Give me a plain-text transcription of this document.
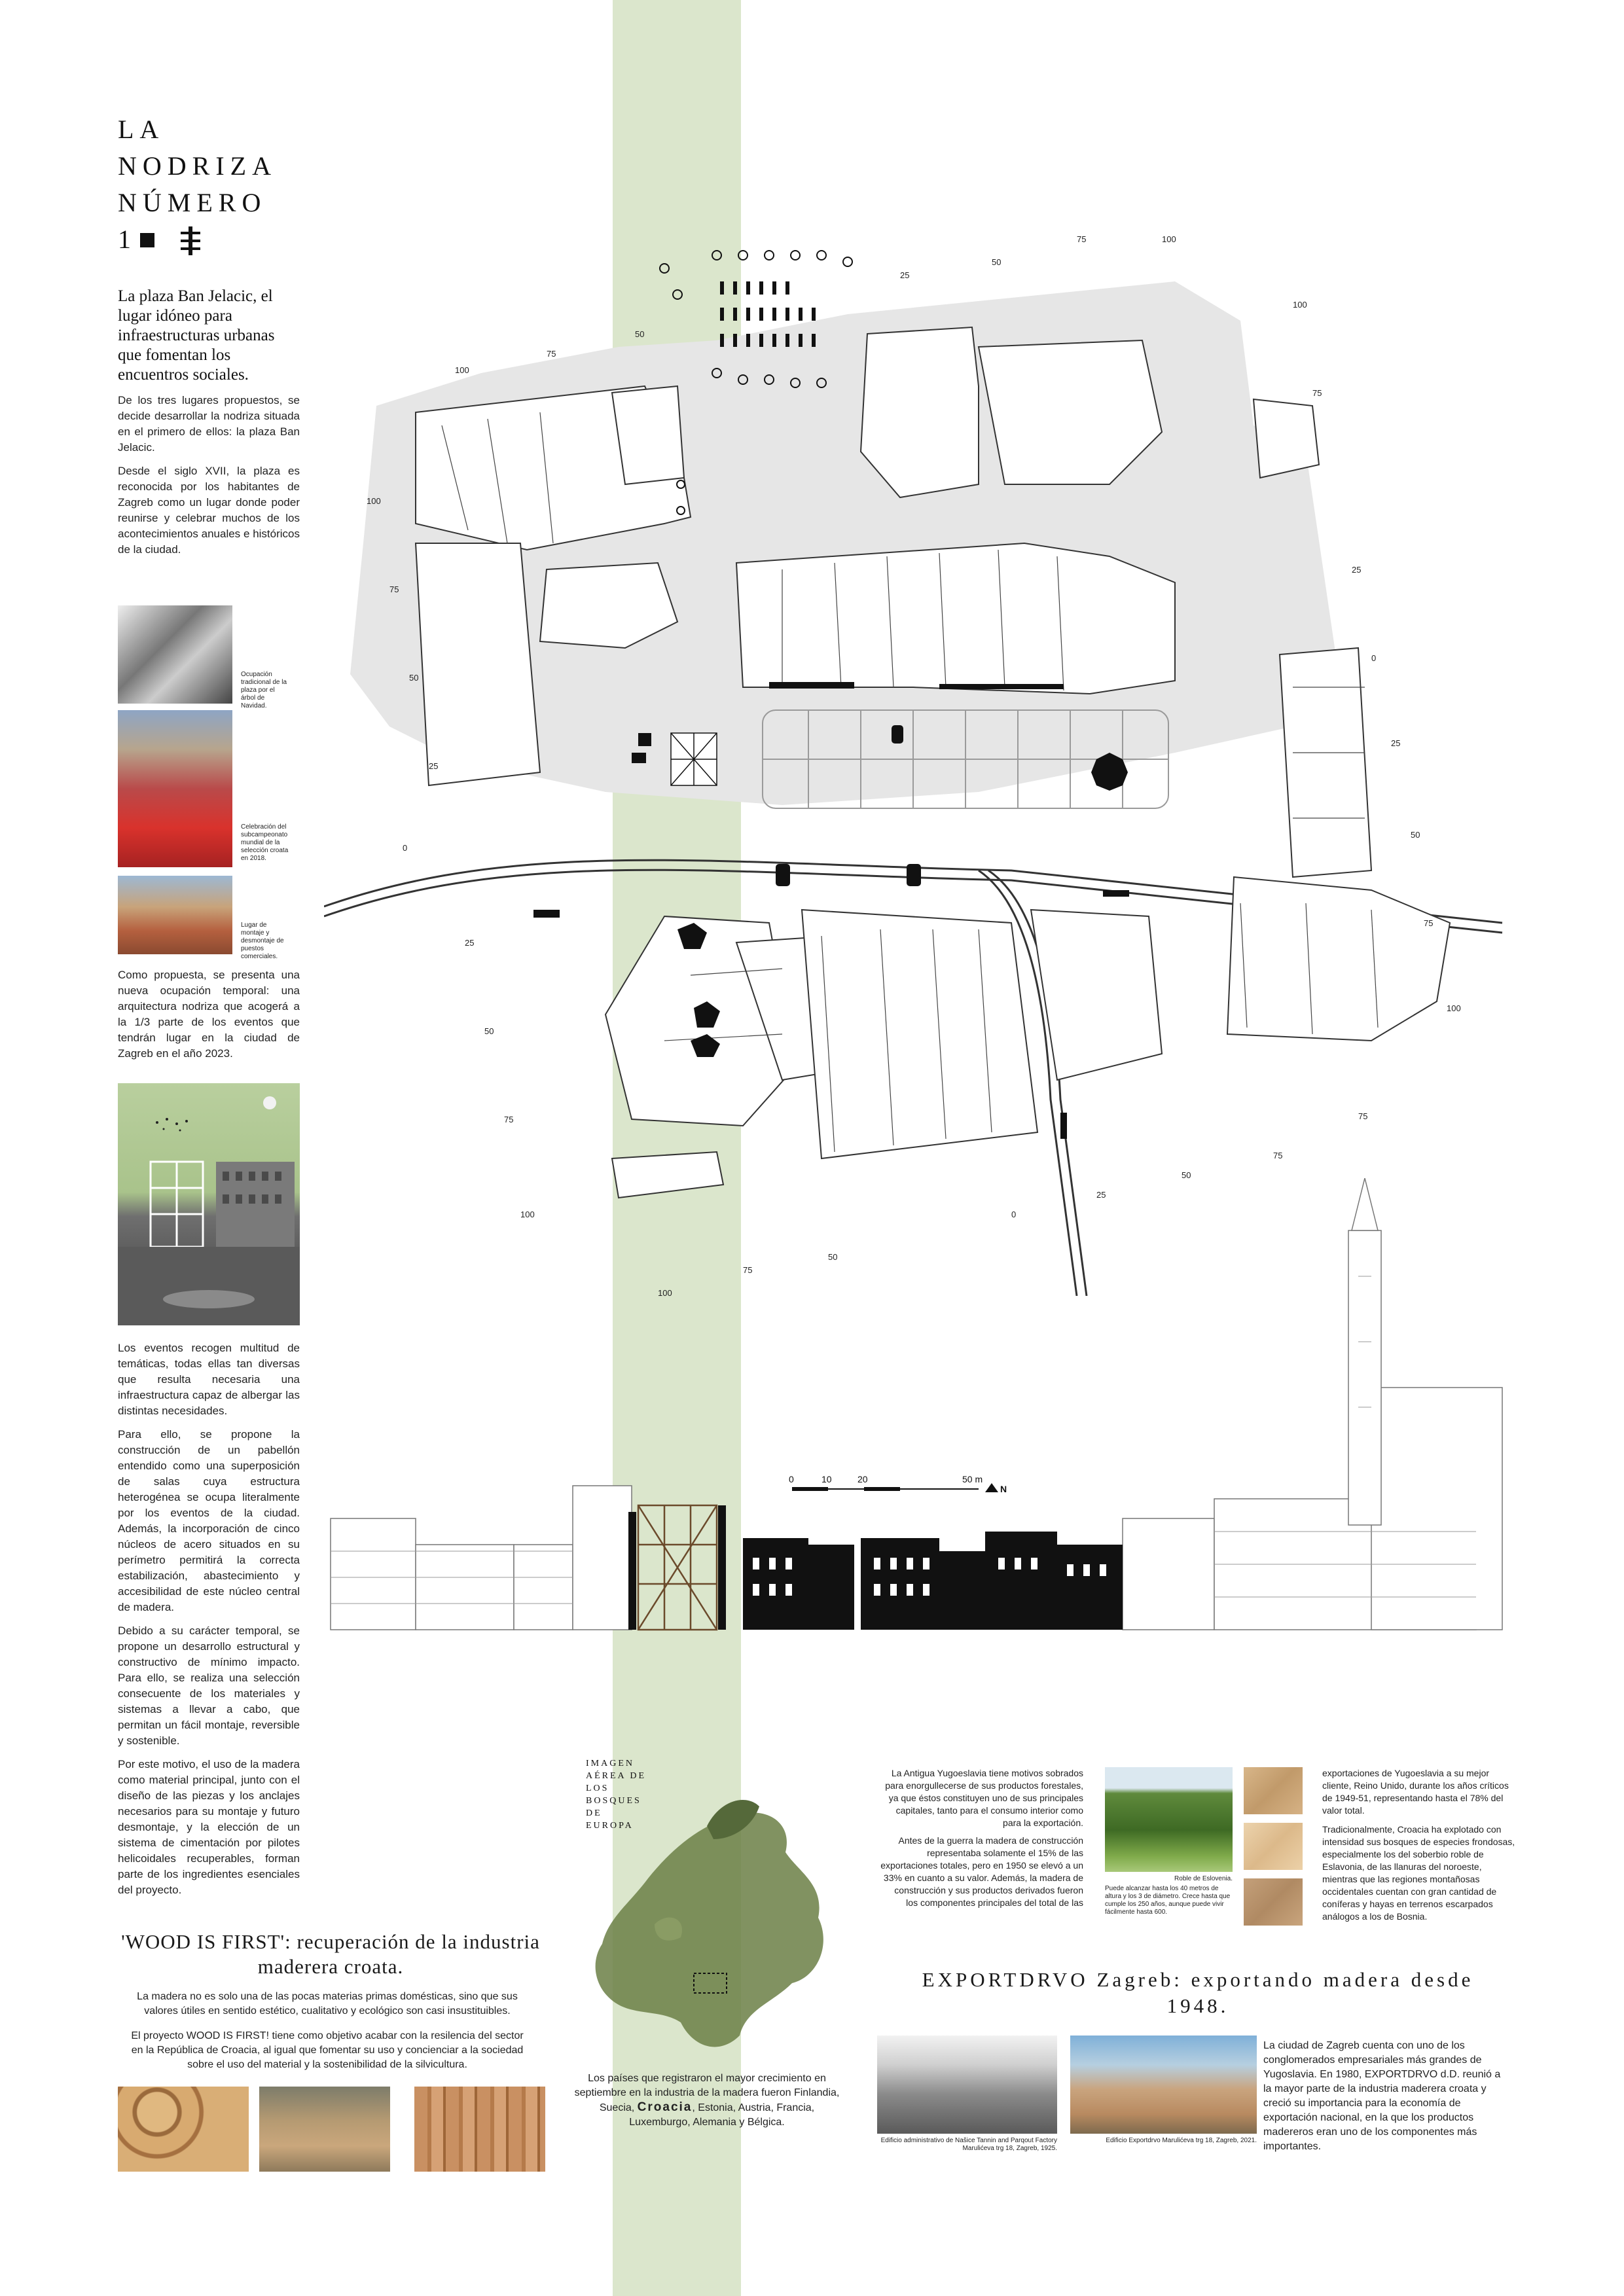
LA
NODRIZA
NÚMERO
1
La plaza Ban Jelacic, el lugar idóneo para infraestructuras urbanas que fomentan los encuentros sociales.

De los tres lugares propuestos, se decide desarrollar la nodriza situada en el primero de ellos: la plaza Ban Jelacic.

Desde el siglo XVII, la plaza es reconocida por los habitantes de Zagreb como un lugar donde poder reunirse y celebrar muchos de los acontecimientos anuales e históricos de la ciudad.

Ocupación tradicional de la plaza por el árbol de Navidad.
Celebración del subcampeonato mundial de la selección croata en 2018.
Lugar de montaje y desmontaje de puestos comerciales.
Como propuesta, se presenta una nueva ocupación temporal: una arquitectura nodriza que acogerá a la 1/3 parte de los eventos que tendrán lugar en la ciudad de Zagreb en el año 2023.

Los eventos recogen multitud de temáticas, todas ellas tan diversas que resulta necesaria una infraestructura capaz de albergar las distintas necesidades.

Para ello, se propone la construcción de un pabellón entendido como una superposición de salas cuya estructura heterogénea se ocupa literalmente por los eventos de la ciudad. Además, la incorporación de cinco núcleos de acero situados en su perímetro permitirá la correcta estabilización, abastecimiento y accesibilidad de este núcleo central de madera.

Debido a su carácter temporal, se propone un desarrollo estructural y constructivo de mínimo impacto. Para ello, se realiza una selección consecuente de los materiales y sistemas a llevar a cabo, que permitan un fácil montaje, reversible y sostenible.

Por este motivo, el uso de la madera como material principal, junto con el diseño de las piezas y los anclajes necesarios para su montaje y futuro desmontaje, y la elección de un sistema de cimentación por pilotes helicoidales recuperables, forman parte de los ingredientes esenciales del proyecto.

100
75
50
100
75
50
25
100
75
25
0
25
50
75
100
75
75
50
25
0
50
75
100
100
75
50
25
0
25
50
75
100
0	10	20	50 m
N
'WOOD IS FIRST': recuperación de la industria maderera croata.
La madera no es solo una de las pocas materias primas domésticas, sino que sus valores útiles en sentido estético, cualitativo y ecológico son casi insustituibles.
El proyecto WOOD IS FIRST! tiene como objetivo acabar con la resilencia del sector en la República de Croacia, al igual que fomentar su uso y concienciar a la sociedad sobre el uso del material y la sostenibilidad de la silvicultura.
IMAGEN
AÉREA DE
LOS
BOSQUES
DE
EUROPA
Los países que registraron el mayor crecimiento en septiembre en la industria de la madera fueron Finlandia, Suecia, Croacia, Estonia, Austria, Francia, Luxemburgo, Alemania y Bélgica.

La Antigua Yugoeslavia tiene motivos sobrados para enorgullecerse de sus productos forestales, ya que éstos constituyen uno de sus principales capitales, tanto para el consumo interior como para la exportación.

Antes de la guerra la madera de construcción representaba solamente el 15% de las exportaciones totales, pero en 1950 se elevó a un 33% en cuanto a su valor. Además, la madera de construcción y sus productos derivados fueron los componentes principales del total de las

Roble de Eslovenia.
Puede alcanzar hasta los 40 metros de altura y los 3 de diámetro. Crece hasta que cumple los 250 años, aunque puede vivir fácilmente hasta 600.

exportaciones de Yugoeslavia a su mejor cliente, Reino Unido, durante los años críticos de 1949-51, representando hasta el 78% del valor total.

Tradicionalmente, Croacia ha explotado con intensidad sus bosques de especies frondosas, especialmente los del soberbio roble de Eslavonia, de las llanuras del noroeste, mientras que las regiones montañosas occidentales cuentan con gran cantidad de coníferas y hayas en terrenos escarpados análogos a los de Bosnia.

EXPORTDRVO Zagreb: exportando madera desde 1948.
Edificio administrativo de Našice Tannin and Parqout Factory Marulićeva trg 18, Zagreb, 1925.
Edificio Exportdrvo Marulićeva trg 18, Zagreb, 2021.
La ciudad de Zagreb cuenta con uno de los conglomerados empresariales más grandes de Yugoslavia. En 1980, EXPORTDRVO d.D. reunió a la mayor parte de la industria maderera croata y creció su importancia para la economía de exportación nacional, en la que los productos madereros eran uno de los componentes más importantes.
